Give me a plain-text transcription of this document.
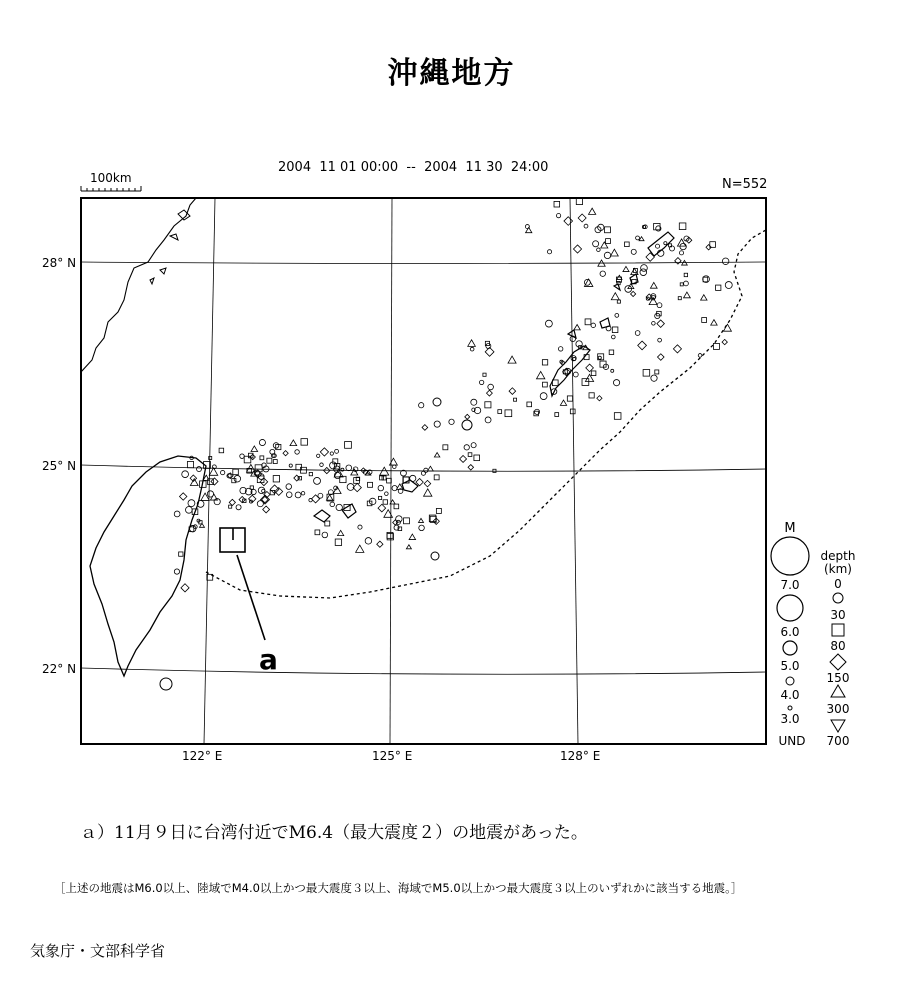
沖縄地方
2004  11 01 00:00  --  2004  11 30  24:00
N=552
100km
a
28° N
25° N
22° N
122° E	125° E	128° E
M
7.0
6.0
5.0
4.0
3.0
UND
depth
(km)
0
30
80
150
300
700
ａ）11月９日に台湾付近でM6.4（最大震度２）の地震があった。
［上述の地震はM6.0以上、陸域でM4.0以上かつ最大震度３以上、海域でM5.0以上かつ最大震度３以上のいずれかに該当する地震。］
気象庁・文部科学省
